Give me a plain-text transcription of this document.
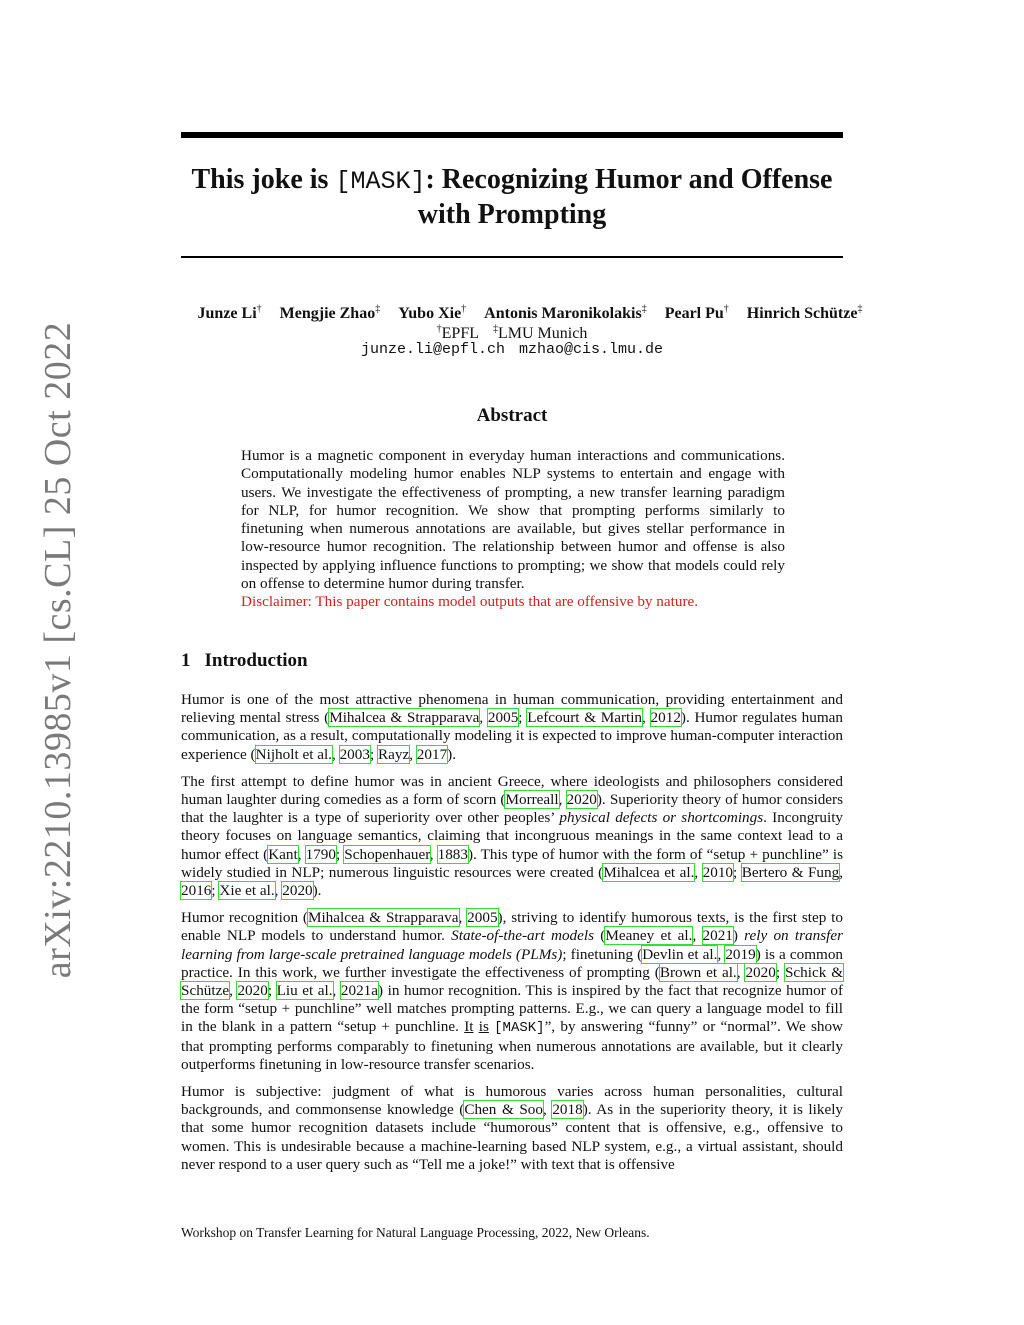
arXiv:2210.13985v1 [cs.CL] 25 Oct 2022
This joke is [MASK]: Recognizing Humor and Offense with Prompting
Junze Li† Mengjie Zhao‡ Yubo Xie† Antonis Maronikolakis‡ Pearl Pu† Hinrich Schütze‡
†EPFL ‡LMU Munich
junze.li@epfl.ch mzhao@cis.lmu.de
Abstract
Humor is a magnetic component in everyday human interactions and communications. Computationally modeling humor enables NLP systems to entertain and engage with users. We investigate the effectiveness of prompting, a new transfer learning paradigm for NLP, for humor recognition. We show that prompting performs similarly to finetuning when numerous annotations are available, but gives stellar performance in low-resource humor recognition. The relationship between humor and offense is also inspected by applying influence functions to prompting; we show that models could rely on offense to determine humor during transfer.
Disclaimer: This paper contains model outputs that are offensive by nature.
1 Introduction

Humor is one of the most attractive phenomena in human communication, providing entertainment and relieving mental stress (Mihalcea & Strapparava, 2005; Lefcourt & Martin, 2012). Humor regulates human communication, as a result, computationally modeling it is expected to improve human-computer interaction experience (Nijholt et al., 2003; Rayz, 2017).

The first attempt to define humor was in ancient Greece, where ideologists and philosophers considered human laughter during comedies as a form of scorn (Morreall, 2020). Superiority theory of humor considers that the laughter is a type of superiority over other peoples’ physical defects or shortcomings. Incongruity theory focuses on language semantics, claiming that incongruous meanings in the same context lead to a humor effect (Kant, 1790; Schopenhauer, 1883). This type of humor with the form of “setup + punchline” is widely studied in NLP; numerous linguistic resources were created (Mihalcea et al., 2010; Bertero & Fung, 2016; Xie et al., 2020).

Humor recognition (Mihalcea & Strapparava, 2005), striving to identify humorous texts, is the first step to enable NLP models to understand humor. State-of-the-art models (Meaney et al., 2021) rely on transfer learning from large-scale pretrained language models (PLMs); finetuning (Devlin et al., 2019) is a common practice. In this work, we further investigate the effectiveness of prompting (Brown et al., 2020; Schick & Schütze, 2020; Liu et al., 2021a) in humor recognition. This is inspired by the fact that recognize humor of the form “setup + punchline” well matches prompting patterns. E.g., we can query a language model to fill in the blank in a pattern “setup + punchline. It is [MASK]”, by answering “funny” or “normal”. We show that prompting performs comparably to finetuning when numerous annotations are available, but it clearly outperforms finetuning in low-resource transfer scenarios.

Humor is subjective: judgment of what is humorous varies across human personalities, cultural backgrounds, and commonsense knowledge (Chen & Soo, 2018). As in the superiority theory, it is likely that some humor recognition datasets include “humorous” content that is offensive, e.g., offensive to women. This is undesirable because a machine-learning based NLP system, e.g., a virtual assistant, should never respond to a user query such as “Tell me a joke!” with text that is offensive

Workshop on Transfer Learning for Natural Language Processing, 2022, New Orleans.
